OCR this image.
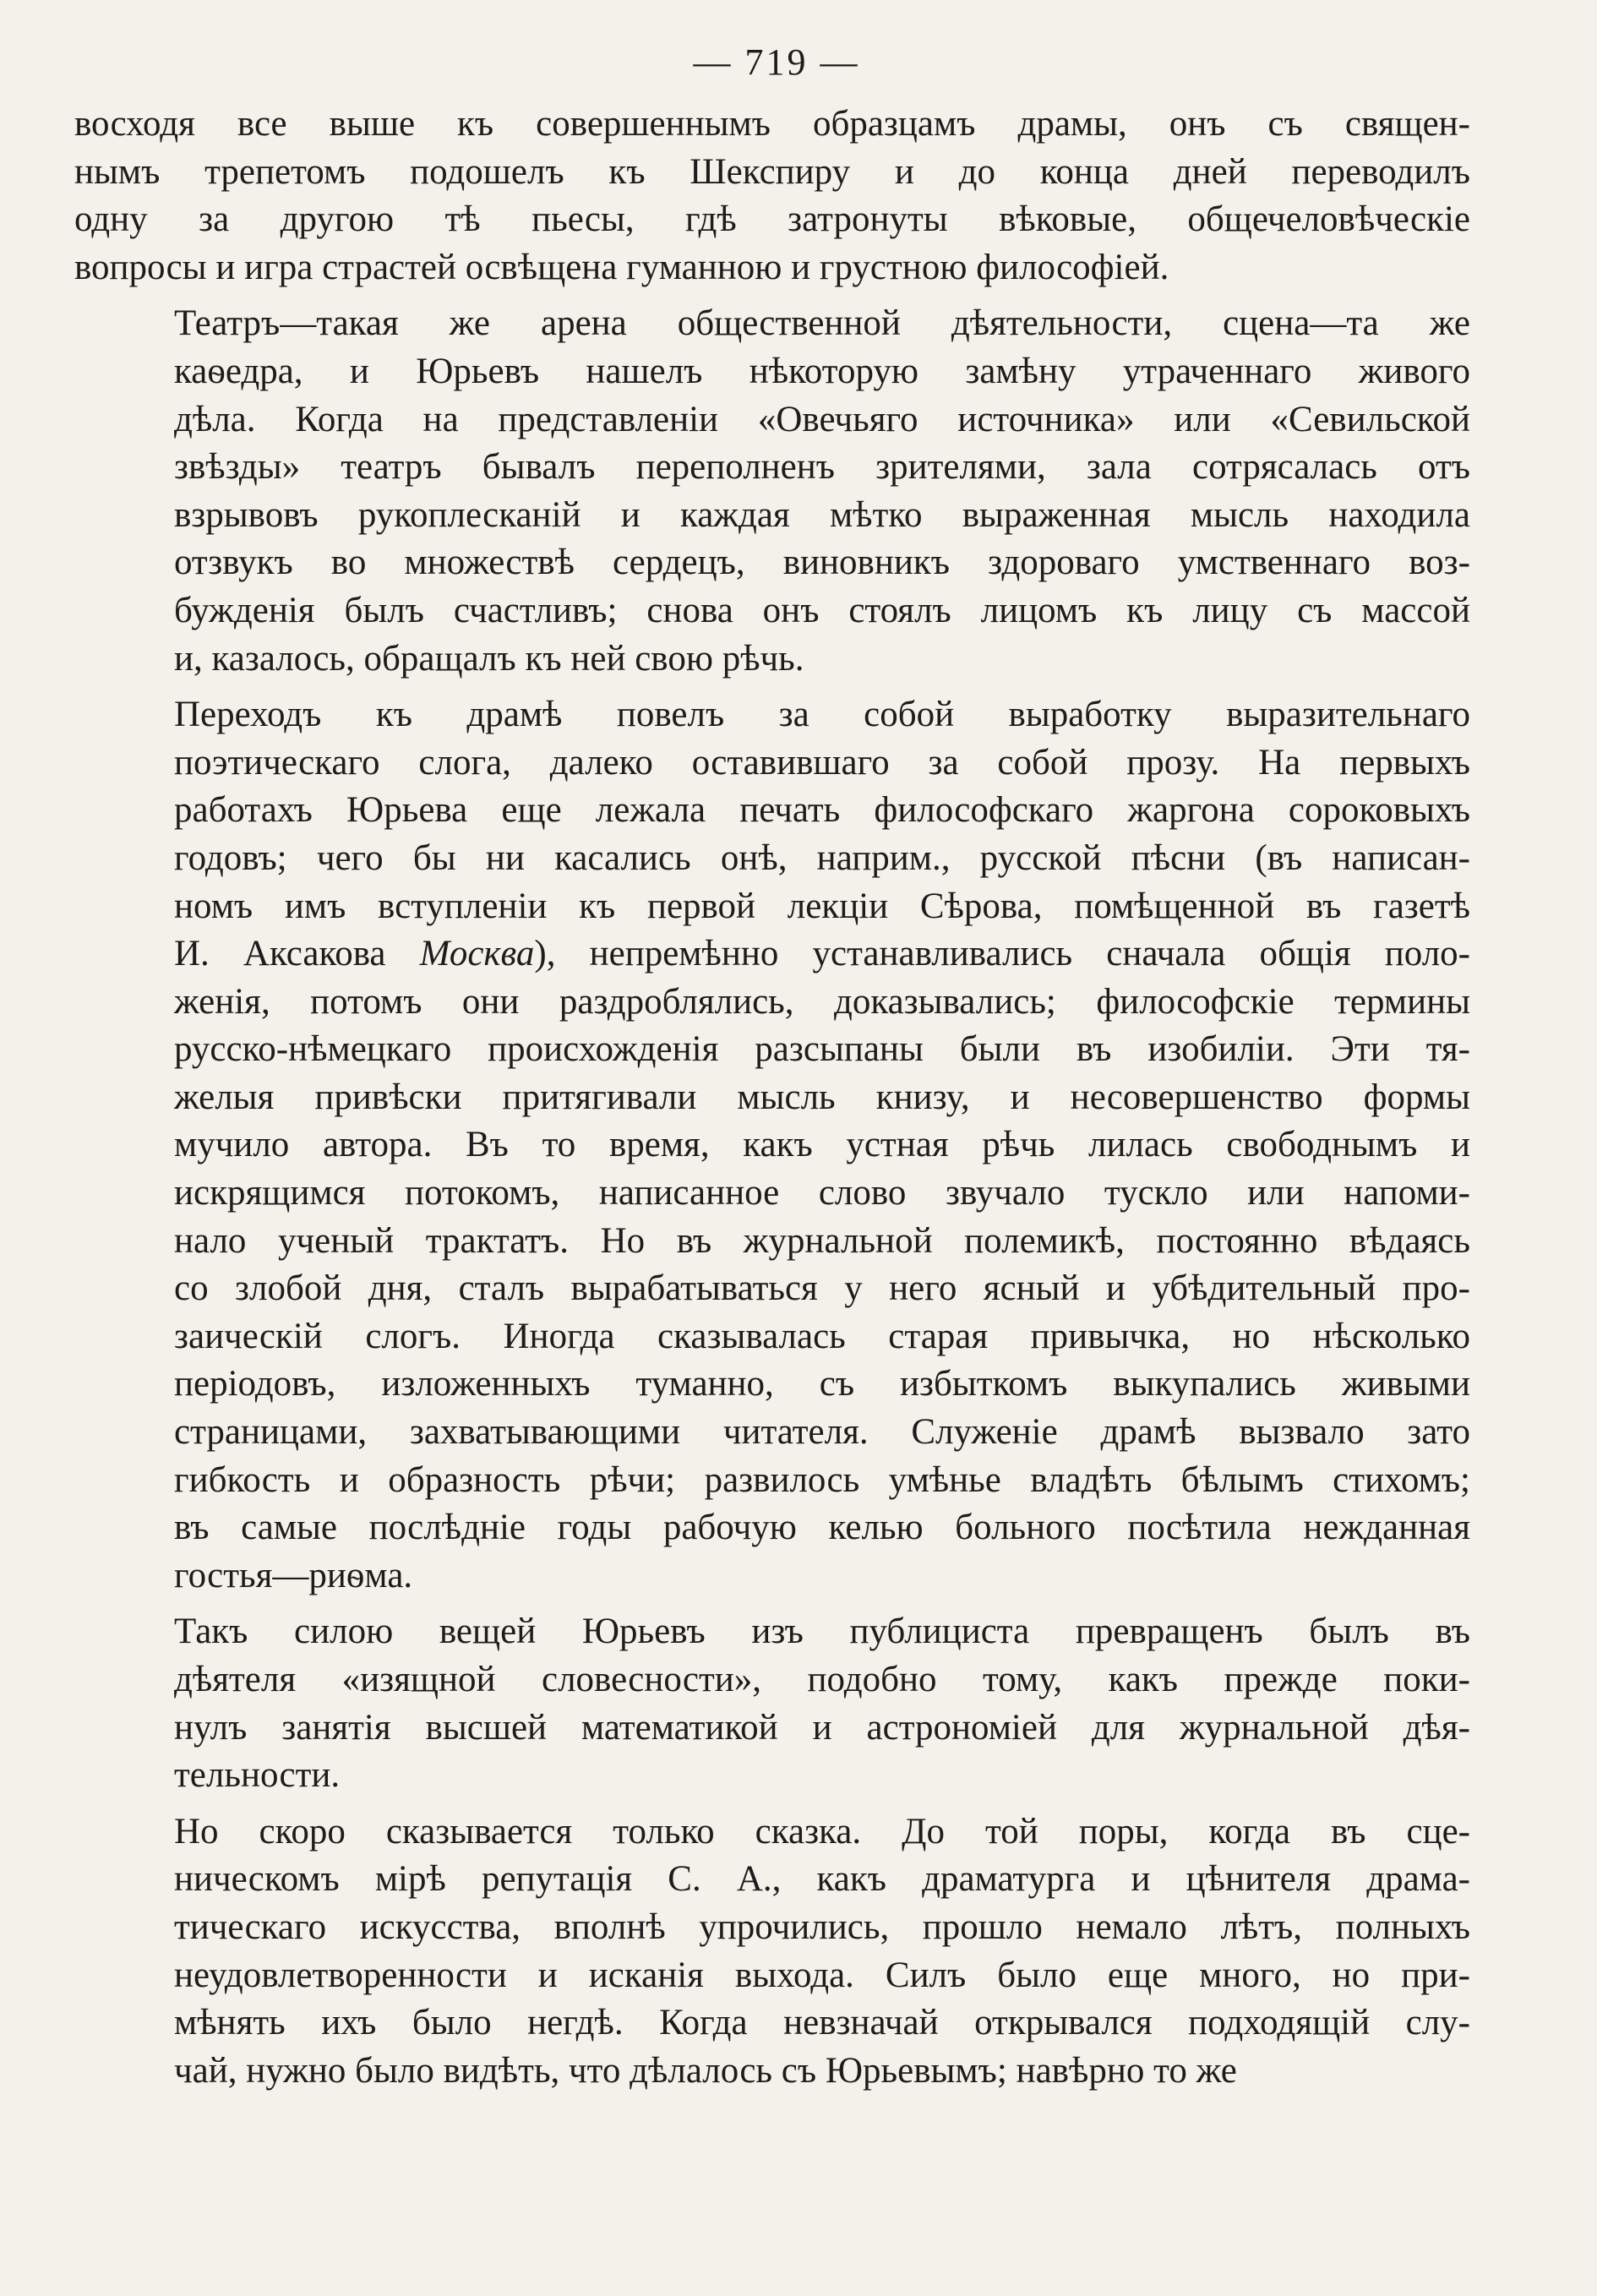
— 719 —
восходя все выше къ совершеннымъ образцамъ драмы, онъ съ священ-
нымъ трепетомъ подошелъ къ Шекспиру и до конца дней переводилъ
одну за другою тѣ пьесы, гдѣ затронуты вѣковые, общечеловѣческіе
вопросы и игра страстей освѣщена гуманною и грустною философіей.
Театръ—такая же арена общественной дѣятельности, сцена—та же
каѳедра, и Юрьевъ нашелъ нѣкоторую замѣну утраченнаго живого
дѣла. Когда на представленіи «Овечьяго источника» или «Севильской
звѣзды» театръ бывалъ переполненъ зрителями, зала сотрясалась отъ
взрывовъ рукоплесканій и каждая мѣтко выраженная мысль находила
отзвукъ во множествѣ сердецъ, виновникъ здороваго умственнаго воз-
бужденія былъ счастливъ; снова онъ стоялъ лицомъ къ лицу съ массой
и, казалось, обращалъ къ ней свою рѣчь.
Переходъ къ драмѣ повелъ за собой выработку выразительнаго
поэтическаго слога, далеко оставившаго за собой прозу. На первыхъ
работахъ Юрьева еще лежала печать философскаго жаргона сороковыхъ
годовъ; чего бы ни касались онѣ, наприм., русской пѣсни (въ написан-
номъ имъ вступленіи къ первой лекціи Сѣрова, помѣщенной въ газетѣ
И. Аксакова Москва), непремѣнно устанавливались сначала общія поло-
женія, потомъ они раздроблялись, доказывались; философскіе термины
русско-нѣмецкаго происхожденія разсыпаны были въ изобиліи. Эти тя-
желыя привѣски притягивали мысль книзу, и несовершенство формы
мучило автора. Въ то время, какъ устная рѣчь лилась свободнымъ и
искрящимся потокомъ, написанное слово звучало тускло или напоми-
нало ученый трактатъ. Но въ журнальной полемикѣ, постоянно вѣдаясь
со злобой дня, сталъ вырабатываться у него ясный и убѣдительный про-
заическій слогъ. Иногда сказывалась старая привычка, но нѣсколько
періодовъ, изложенныхъ туманно, съ избыткомъ выкупались живыми
страницами, захватывающими читателя. Служеніе драмѣ вызвало зато
гибкость и образность рѣчи; развилось умѣнье владѣть бѣлымъ стихомъ;
въ самые послѣдніе годы рабочую келью больного посѣтила нежданная
гостья—риѳма.
Такъ силою вещей Юрьевъ изъ публициста превращенъ былъ въ
дѣятеля «изящной словесности», подобно тому, какъ прежде поки-
нулъ занятія высшей математикой и астрономіей для журнальной дѣя-
тельности.
Но скоро сказывается только сказка. До той поры, когда въ сце-
ническомъ мірѣ репутація С. А., какъ драматурга и цѣнителя драма-
тическаго искусства, вполнѣ упрочились, прошло немало лѣтъ, полныхъ
неудовлетворенности и исканія выхода. Силъ было еще много, но при-
мѣнять ихъ было негдѣ. Когда невзначай открывался подходящій слу-
чай, нужно было видѣть, что дѣлалось съ Юрьевымъ; навѣрно то же
